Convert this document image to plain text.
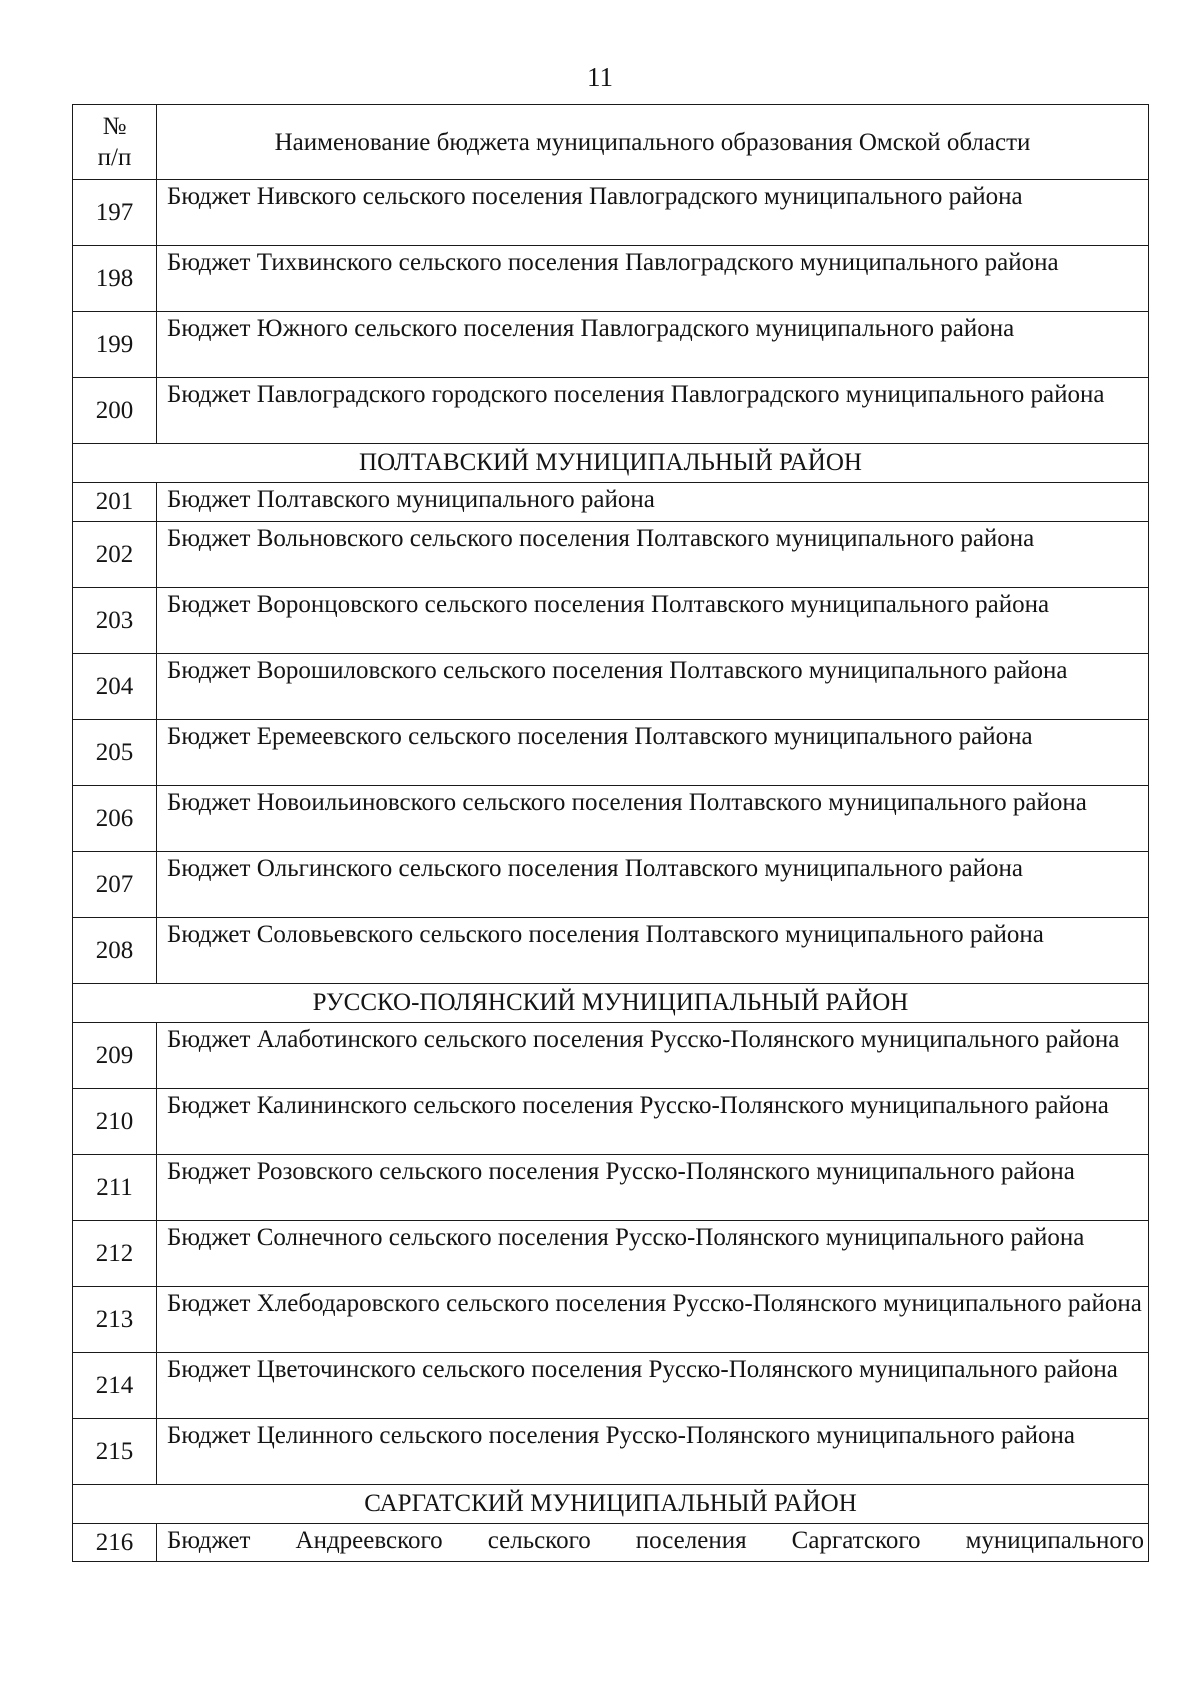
11
№
п/п	Наименование бюджета муниципального образования Омской области
197	Бюджет Нивского сельского поселения Павлоградского муниципального района
198	Бюджет Тихвинского сельского поселения Павлоградского муниципального района
199	Бюджет Южного сельского поселения Павлоградского муниципального района
200	Бюджет Павлоградского городского поселения Павлоградского муниципального района
ПОЛТАВСКИЙ МУНИЦИПАЛЬНЫЙ РАЙОН	
201	Бюджет Полтавского муниципального района
202	Бюджет Вольновского сельского поселения Полтавского муниципального района
203	Бюджет Воронцовского сельского поселения Полтавского муниципального района
204	Бюджет Ворошиловского сельского поселения Полтавского муниципального района
205	Бюджет Еремеевского сельского поселения Полтавского муниципального района
206	Бюджет Новоильиновского сельского поселения Полтавского муниципального района
207	Бюджет Ольгинского сельского поселения Полтавского муниципального района
208	Бюджет Соловьевского сельского поселения Полтавского муниципального района
РУССКО-ПОЛЯНСКИЙ МУНИЦИПАЛЬНЫЙ РАЙОН	
209	Бюджет Алаботинского сельского поселения Русско-Полянского муниципального района
210	Бюджет Калининского сельского поселения Русско-Полянского муниципального района
211	Бюджет Розовского сельского поселения Русско-Полянского муниципального района
212	Бюджет Солнечного сельского поселения Русско-Полянского муниципального района
213	Бюджет Хлебодаровского сельского поселения Русско-Полянского муниципального района
214	Бюджет Цветочинского сельского поселения Русско-Полянского муниципального района
215	Бюджет Целинного сельского поселения Русско-Полянского муниципального района
САРГАТСКИЙ МУНИЦИПАЛЬНЫЙ РАЙОН	
216	Бюджет Андреевского сельского поселения Саргатского муниципального
